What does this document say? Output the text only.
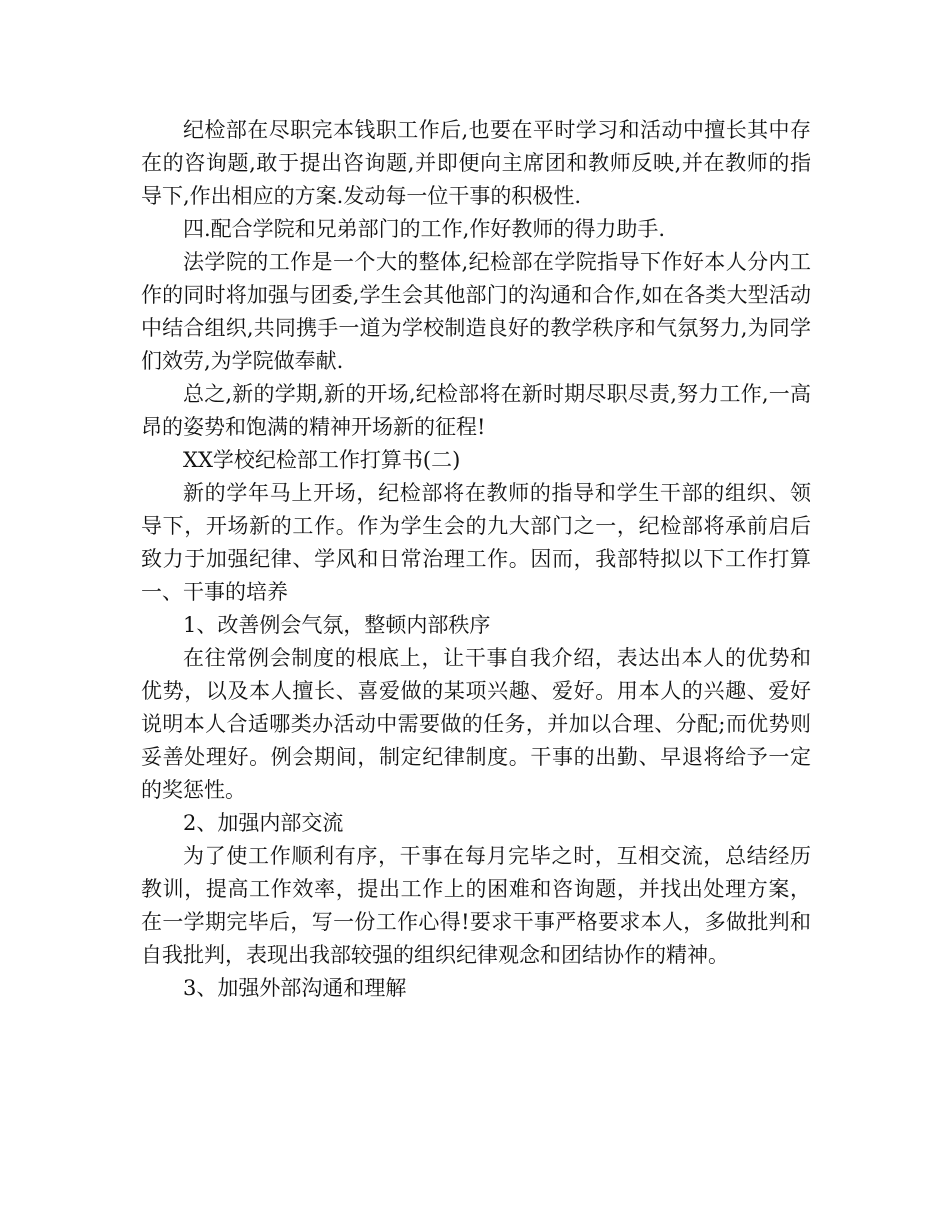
纪检部在尽职完本钱职工作后,也要在平时学习和活动中擅长其中存在的咨询题,敢于提出咨询题,并即便向主席团和教师反映,并在教师的指导下,作出相应的方案.发动每一位干事的积极性.

四.配合学院和兄弟部门的工作,作好教师的得力助手.

法学院的工作是一个大的整体,纪检部在学院指导下作好本人分内工作的同时将加强与团委,学生会其他部门的沟通和合作,如在各类大型活动中结合组织,共同携手一道为学校制造良好的教学秩序和气氛努力,为同学们效劳,为学院做奉献.

总之,新的学期,新的开场,纪检部将在新时期尽职尽责,努力工作,一高昂的姿势和饱满的精神开场新的征程!

XX学校纪检部工作打算书(二)

新的学年马上开场，纪检部将在教师的指导和学生干部的组织、领导下，开场新的工作。作为学生会的九大部门之一，纪检部将承前启后致力于加强纪律、学风和日常治理工作。因而，我部特拟以下工作打算　　一、干事的培养

1、改善例会气氛，整顿内部秩序

在往常例会制度的根底上，让干事自我介绍，表达出本人的优势和优势，以及本人擅长、喜爱做的某项兴趣、爱好。用本人的兴趣、爱好说明本人合适哪类办活动中需要做的任务，并加以合理、分配;而优势则妥善处理好。例会期间，制定纪律制度。干事的出勤、早退将给予一定的奖惩性。

2、加强内部交流

为了使工作顺利有序，干事在每月完毕之时，互相交流，总结经历教训，提高工作效率，提出工作上的困难和咨询题，并找出处理方案，在一学期完毕后，写一份工作心得!要求干事严格要求本人，多做批判和自我批判，表现出我部较强的组织纪律观念和团结协作的精神。

3、加强外部沟通和理解
